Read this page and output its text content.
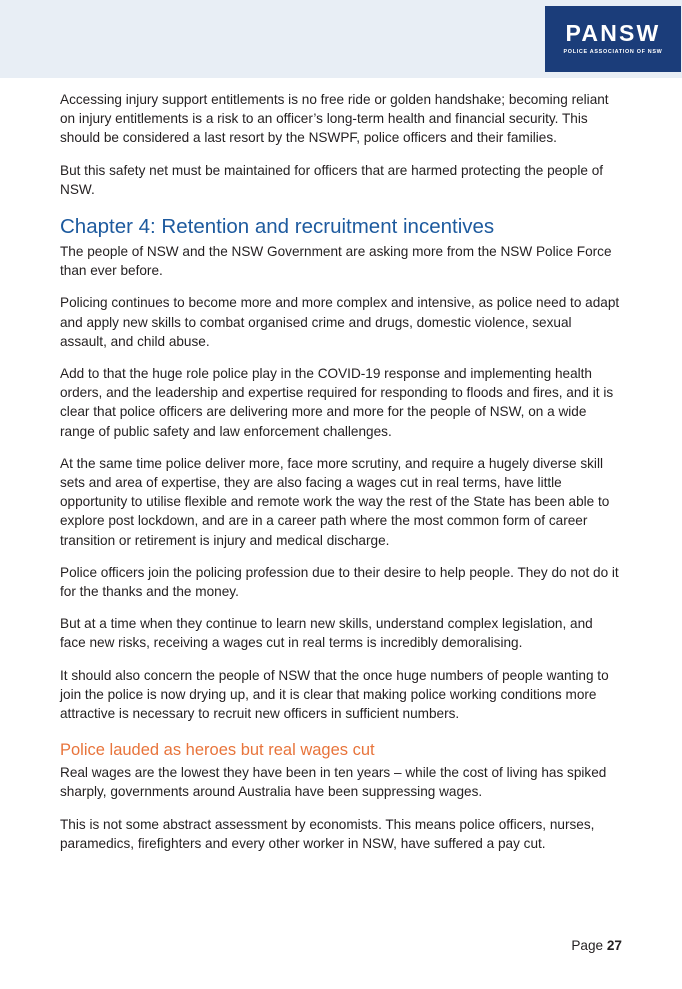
PANSW
POLICE ASSOCIATION OF NSW

Accessing injury support entitlements is no free ride or golden handshake; becoming reliant on injury entitlements is a risk to an officer’s long-term health and financial security. This should be considered a last resort by the NSWPF, police officers and their families.

But this safety net must be maintained for officers that are harmed protecting the people of NSW.

Chapter 4: Retention and recruitment incentives

The people of NSW and the NSW Government are asking more from the NSW Police Force than ever before.

Policing continues to become more and more complex and intensive, as police need to adapt and apply new skills to combat organised crime and drugs, domestic violence, sexual assault, and child abuse.

Add to that the huge role police play in the COVID-19 response and implementing health orders, and the leadership and expertise required for responding to floods and fires, and it is clear that police officers are delivering more and more for the people of NSW, on a wide range of public safety and law enforcement challenges.

At the same time police deliver more, face more scrutiny, and require a hugely diverse skill sets and area of expertise, they are also facing a wages cut in real terms, have little opportunity to utilise flexible and remote work the way the rest of the State has been able to explore post lockdown, and are in a career path where the most common form of career transition or retirement is injury and medical discharge.

Police officers join the policing profession due to their desire to help people. They do not do it for the thanks and the money.

But at a time when they continue to learn new skills, understand complex legislation, and face new risks, receiving a wages cut in real terms is incredibly demoralising.

It should also concern the people of NSW that the once huge numbers of people wanting to join the police is now drying up, and it is clear that making police working conditions more attractive is necessary to recruit new officers in sufficient numbers.

Police lauded as heroes but real wages cut

Real wages are the lowest they have been in ten years – while the cost of living has spiked sharply, governments around Australia have been suppressing wages.

This is not some abstract assessment by economists. This means police officers, nurses, paramedics, firefighters and every other worker in NSW, have suffered a pay cut.

Page 27
